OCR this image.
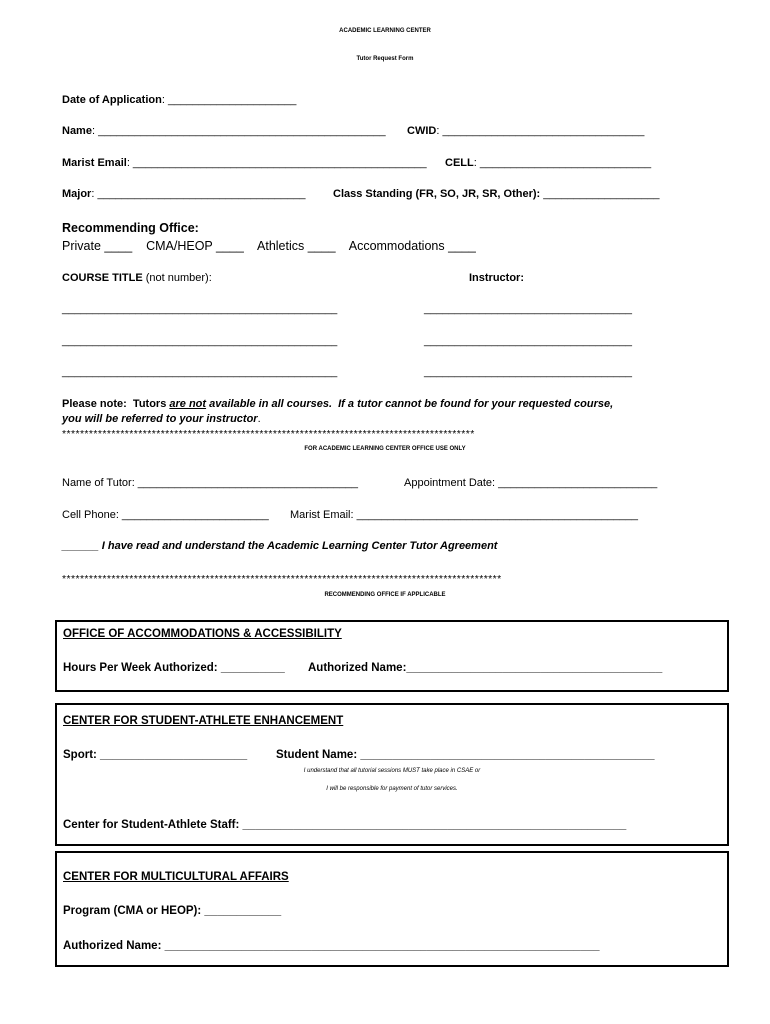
ACADEMIC LEARNING CENTER
Tutor Request Form
Date of Application: _____________________
Name: _______________________________________________ CWID: _________________________________
Marist Email: ________________________________________________ CELL: ____________________________
Major: __________________________________	Class Standing (FR, SO, JR, SR, Other): ___________________
Recommending Office:
Private ____    CMA/HEOP ____    Athletics ____    Accommodations ____
COURSE TITLE (not number):	Instructor:
_____________________________________________	__________________________________
_____________________________________________	__________________________________
_____________________________________________	__________________________________
Please note:  Tutors are not available in all courses.  If a tutor cannot be found for your requested course,
you will be referred to your instructor.
********************************************************************************************
FOR ACADEMIC LEARNING CENTER OFFICE USE ONLY
Name of Tutor: ____________________________________	Appointment Date: __________________________
Cell Phone: ________________________ Marist Email: ______________________________________________
______ I have read and understand the Academic Learning Center Tutor Agreement
**************************************************************************************************
RECOMMENDING OFFICE IF APPLICABLE
OFFICE OF ACCOMMODATIONS & ACCESSIBILITY
Hours Per Week Authorized: __________ Authorized Name:________________________________________
CENTER FOR STUDENT-ATHLETE ENHANCEMENT
Sport: _______________________	Student Name: ______________________________________________
I understand that all tutorial sessions MUST take place in CSAE or
I will be responsible for payment of tutor services.
Center for Student-Athlete Staff: ____________________________________________________________
CENTER FOR MULTICULTURAL AFFAIRS
Program (CMA or HEOP): ____________
Authorized Name: ____________________________________________________________________
